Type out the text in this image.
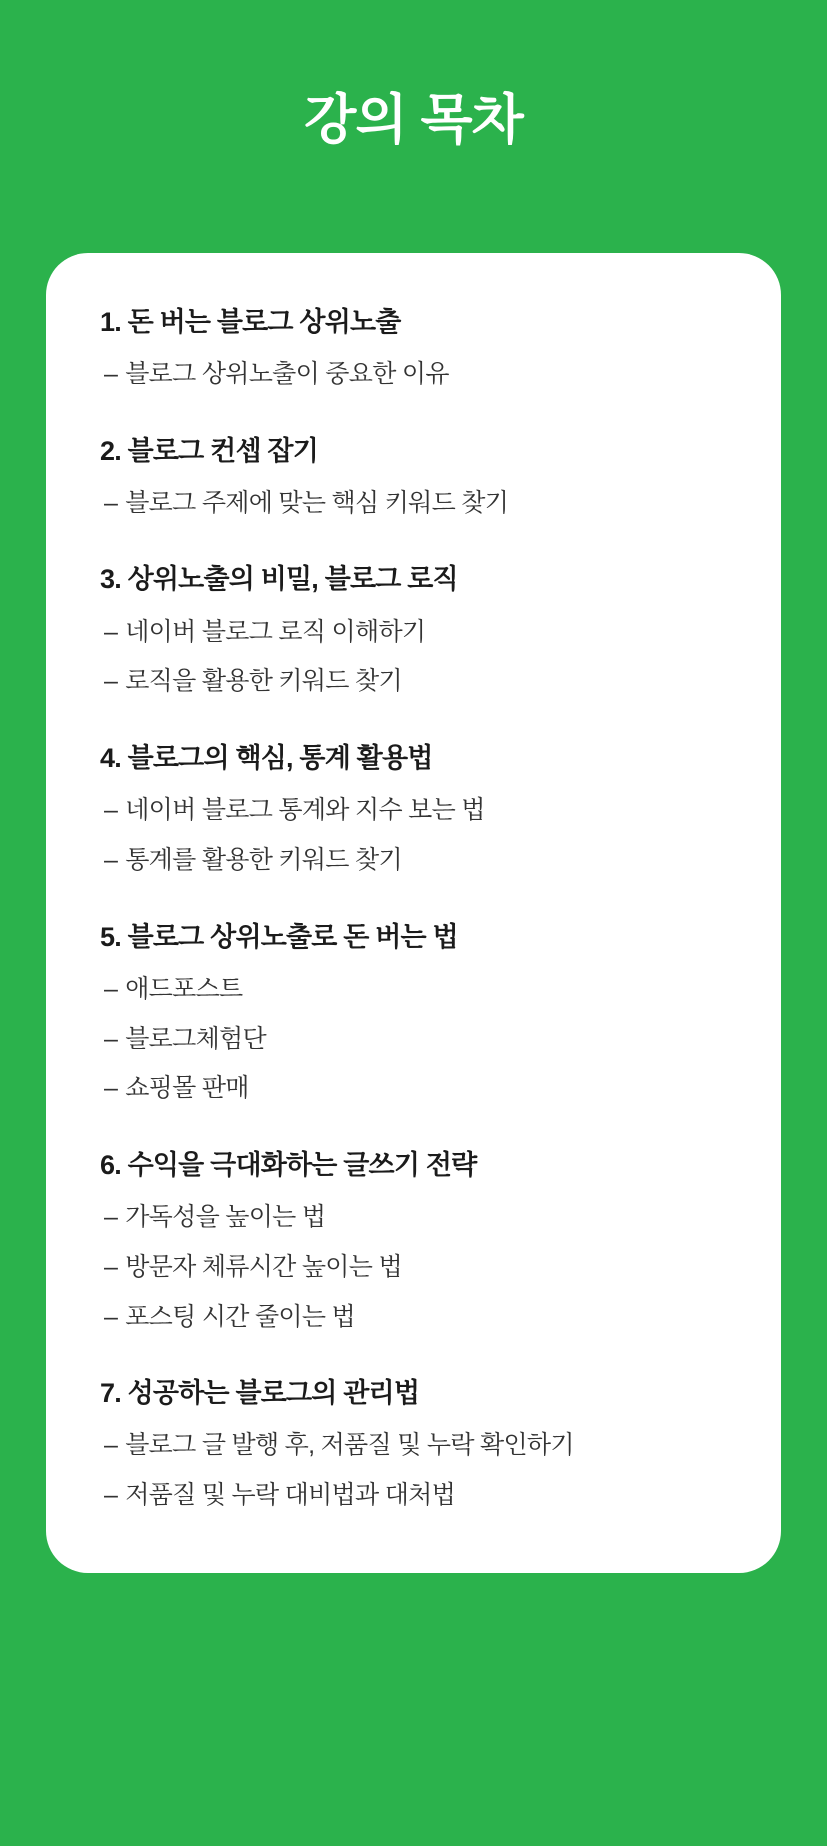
강의 목차
1. 돈 버는 블로그 상위노출
– 블로그 상위노출이 중요한 이유
2. 블로그 컨셉 잡기
– 블로그 주제에 맞는 핵심 키워드 찾기
3. 상위노출의 비밀, 블로그 로직
– 네이버 블로그 로직 이해하기
– 로직을 활용한 키워드 찾기
4. 블로그의 핵심, 통계 활용법
– 네이버 블로그 통계와 지수 보는 법
– 통계를 활용한 키워드 찾기
5. 블로그 상위노출로 돈 버는 법
– 애드포스트
– 블로그체험단
– 쇼핑몰 판매
6. 수익을 극대화하는 글쓰기 전략
– 가독성을 높이는 법
– 방문자 체류시간 높이는 법
– 포스팅 시간 줄이는 법
7. 성공하는 블로그의 관리법
– 블로그 글 발행 후, 저품질 및 누락 확인하기
– 저품질 및 누락 대비법과 대처법
